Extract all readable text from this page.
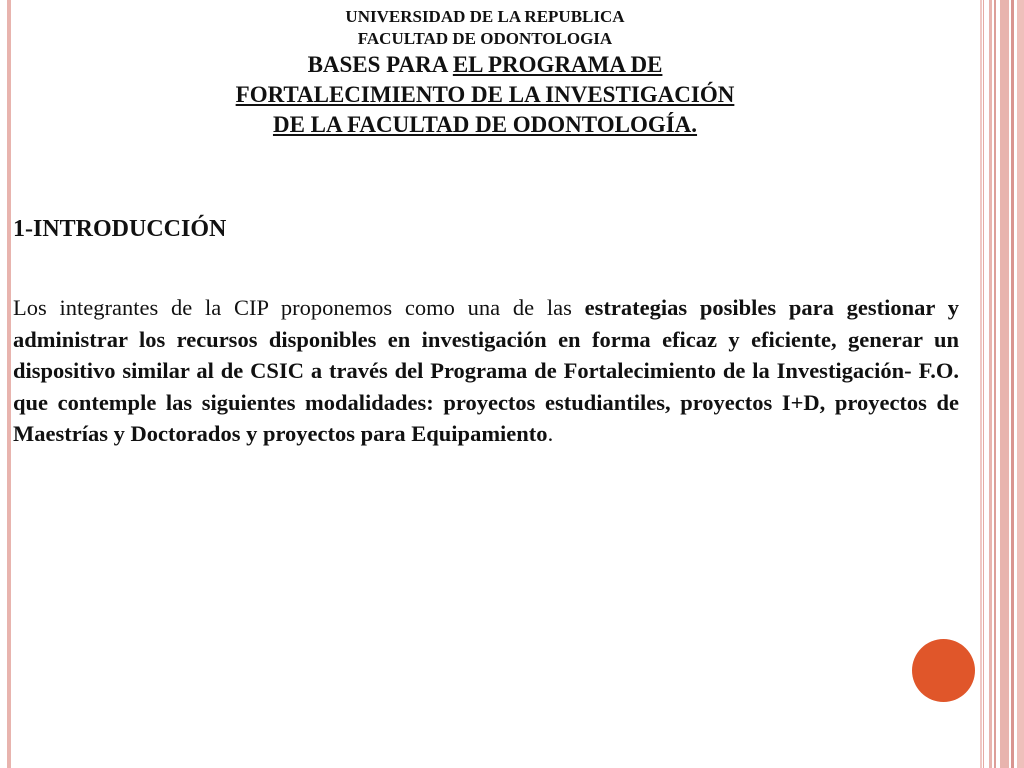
UNIVERSIDAD DE LA REPUBLICA
FACULTAD DE ODONTOLOGIA
BASES PARA EL PROGRAMA DE
FORTALECIMIENTO DE LA INVESTIGACIÓN
DE LA FACULTAD DE ODONTOLOGÍA.
1-INTRODUCCIÓN
Los integrantes de la CIP proponemos como una de las estrategias posibles para gestionar y administrar los recursos disponibles en investigación en forma eficaz y eficiente, generar un dispositivo similar al de CSIC a través del Programa de Fortalecimiento de la Investigación- F.O. que contemple las siguientes modalidades: proyectos estudiantiles, proyectos I+D, proyectos de Maestrías y Doctorados y proyectos para Equipamiento.
